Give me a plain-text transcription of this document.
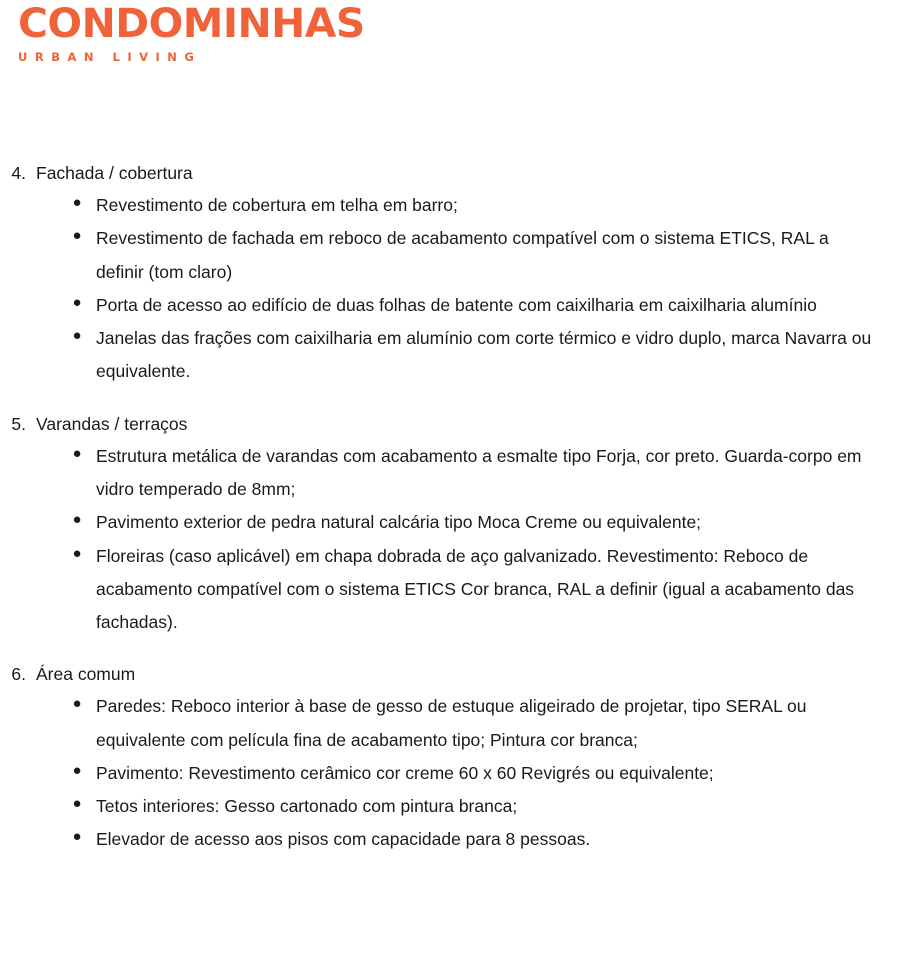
CONDOMINHAS
URBAN LIVING
4. Fachada / cobertura
● Revestimento de cobertura em telha em barro;
● Revestimento de fachada em reboco de acabamento compatível com o sistema ETICS, RAL a definir (tom claro)
● Porta de acesso ao edifício de duas folhas de batente com caixilharia em caixilharia alumínio
● Janelas das frações com caixilharia em alumínio com corte térmico e vidro duplo, marca Navarra ou equivalente.
5. Varandas / terraços
● Estrutura metálica de varandas com acabamento a esmalte tipo Forja, cor preto. Guarda-corpo em vidro temperado de 8mm;
● Pavimento exterior de pedra natural calcária tipo Moca Creme ou equivalente;
● Floreiras (caso aplicável) em chapa dobrada de aço galvanizado. Revestimento: Reboco de acabamento compatível com o sistema ETICS Cor branca, RAL a definir (igual a acabamento das fachadas).
6. Área comum
● Paredes: Reboco interior à base de gesso de estuque aligeirado de projetar, tipo SERAL ou equivalente com película fina de acabamento tipo; Pintura cor branca;
● Pavimento: Revestimento cerâmico cor creme 60 x 60 Revigrés ou equivalente;
● Tetos interiores: Gesso cartonado com pintura branca;
● Elevador de acesso aos pisos com capacidade para 8 pessoas.
